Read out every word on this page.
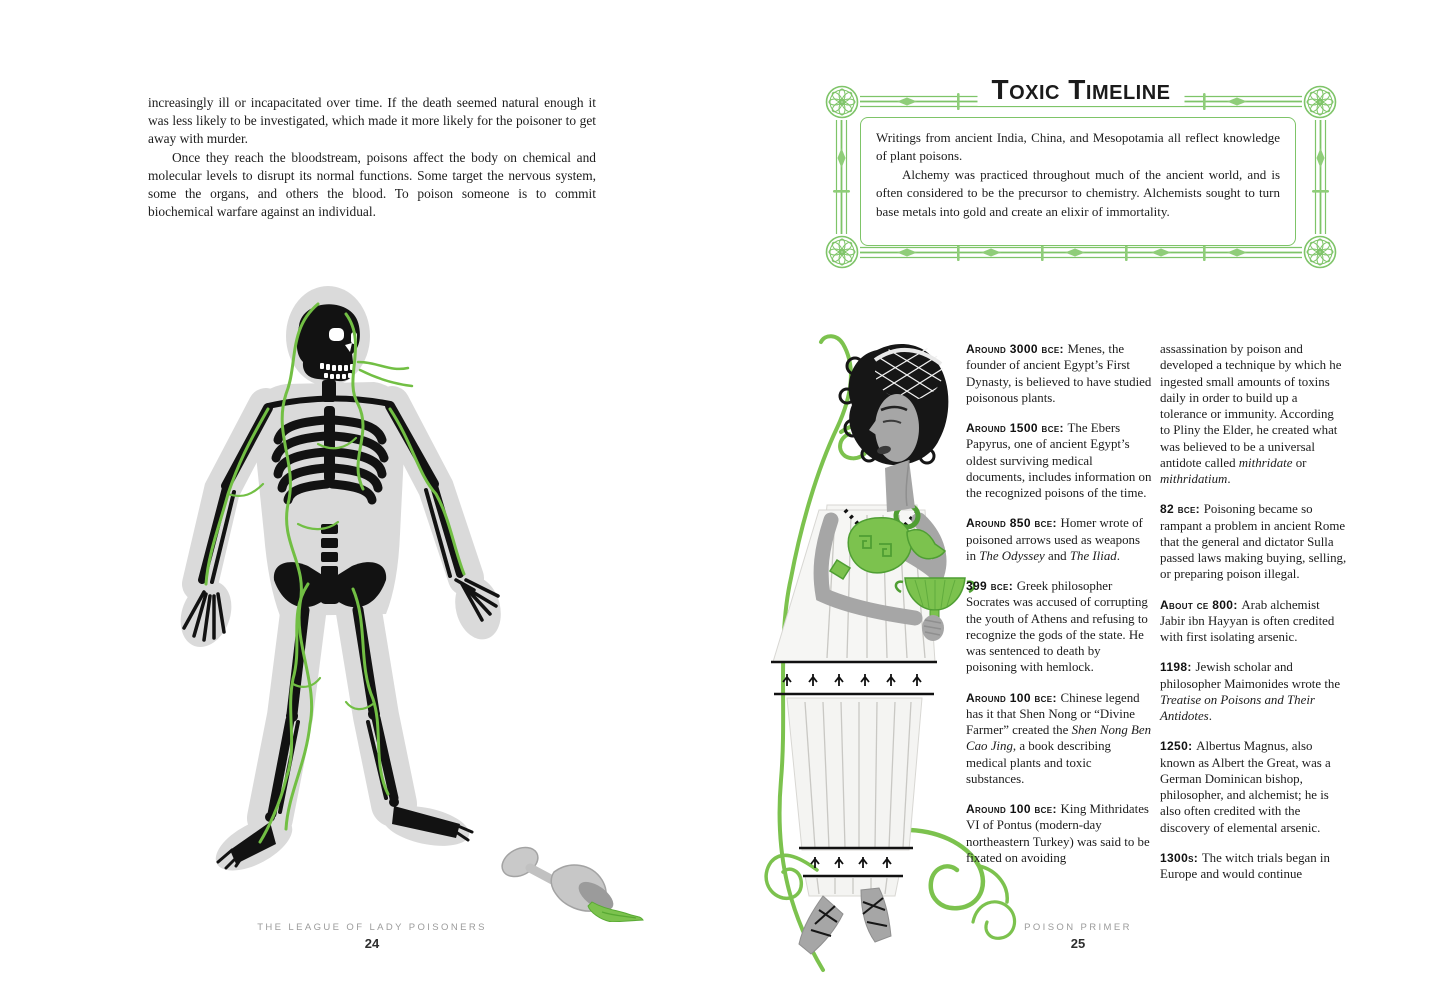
increasingly ill or incapacitated over time. If the death seemed natural enough it was less likely to be investigated, which made it more likely for the poisoner to get away with murder.

Once they reach the bloodstream, poisons affect the body on chemical and molecular levels to disrupt its normal functions. Some target the nervous system, some the organs, and others the blood. To poison someone is to commit biochemical warfare against an individual.

THE LEAGUE OF LADY POISONERS
24
Toxic Timeline

Writings from ancient India, China, and Mesopotamia all reflect knowledge of plant poisons.

Alchemy was practiced throughout much of the ancient world, and is often considered to be the precursor to chemistry. Alchemists sought to turn base metals into gold and create an elixir of immortality.

Around 3000 bce: Menes, the founder of ancient Egypt’s First Dynasty, is believed to have studied poisonous plants.

Around 1500 bce: The Ebers Papyrus, one of ancient Egypt’s oldest surviving medical documents, includes information on the recognized poisons of the time.

Around 850 bce: Homer wrote of poisoned arrows used as weapons in The Odyssey and The Iliad.

399 bce: Greek philosopher Socrates was accused of corrupting the youth of Athens and refusing to recognize the gods of the state. He was sentenced to death by poisoning with hemlock.

Around 100 bce: Chinese legend has it that Shen Nong or “Divine Farmer” created the Shen Nong Ben Cao Jing, a book describing medical plants and toxic substances.

Around 100 bce: King Mithridates VI of Pontus (modern-day northeastern Turkey) was said to be fixated on avoiding

assassination by poison and developed a technique by which he ingested small amounts of toxins daily in order to build up a tolerance or immunity. According to Pliny the Elder, he created what was believed to be a universal antidote called mithridate or mithridatium.

82 bce: Poisoning became so rampant a problem in ancient Rome that the general and dictator Sulla passed laws making buying, selling, or preparing poison illegal.

About ce 800: Arab alchemist Jabir ibn Hayyan is often credited with first isolating arsenic.

1198: Jewish scholar and philosopher Maimonides wrote the Treatise on Poisons and Their Antidotes.

1250: Albertus Magnus, also known as Albert the Great, was a German Dominican bishop, philosopher, and alchemist; he is also often credited with the discovery of elemental arsenic.

1300s: The witch trials began in Europe and would continue

POISON PRIMER
25
